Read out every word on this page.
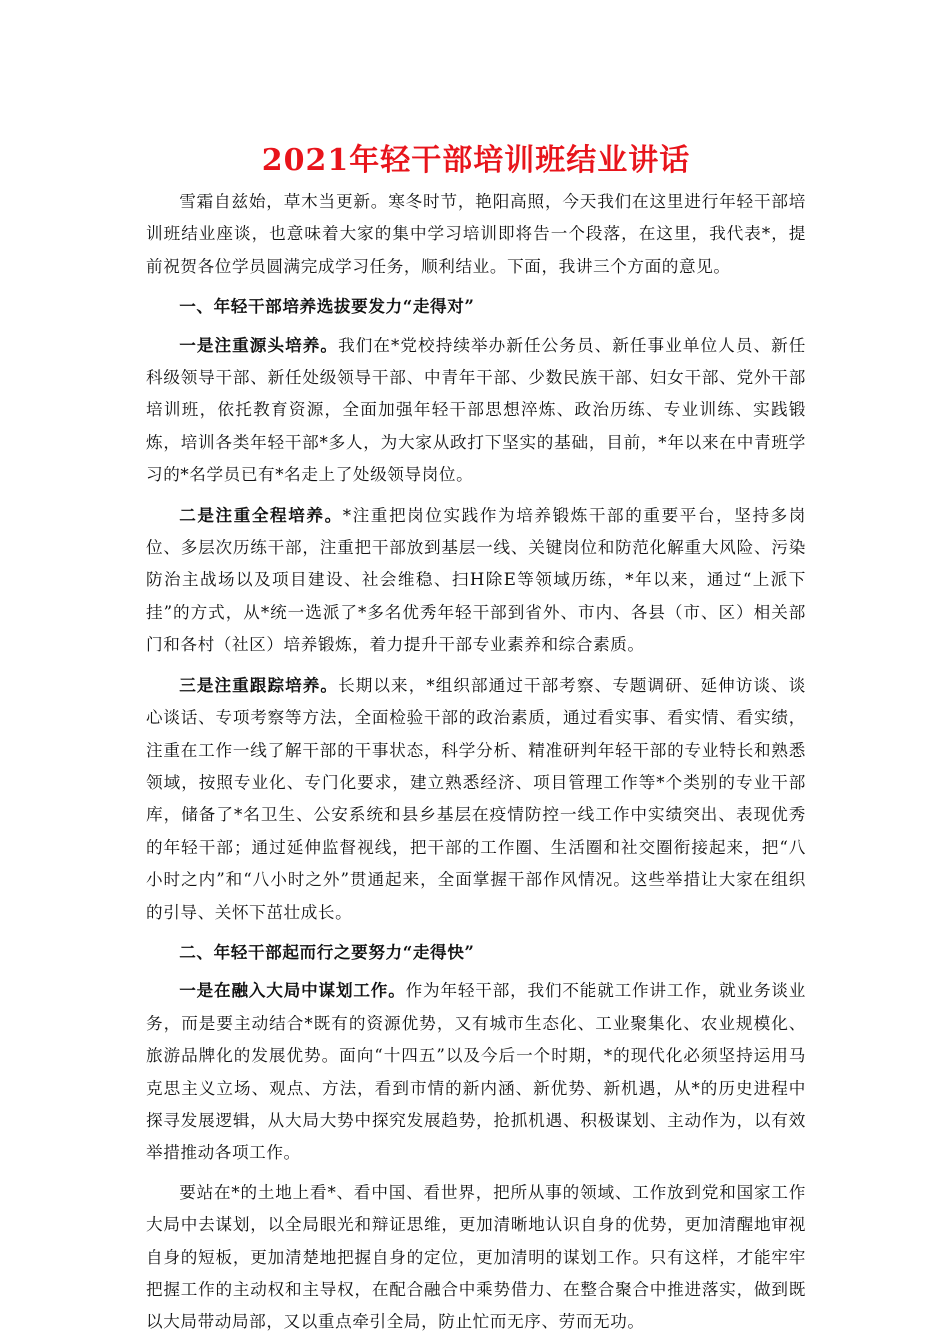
2021年轻干部培训班结业讲话

雪霜自兹始，草木当更新。寒冬时节，艳阳高照，今天我们在这里进行年轻干部培训班结业座谈，也意味着大家的集中学习培训即将告一个段落，在这里，我代表*，提前祝贺各位学员圆满完成学习任务，顺利结业。下面，我讲三个方面的意见。

一、年轻干部培养选拔要发力“走得对”

一是注重源头培养。我们在*党校持续举办新任公务员、新任事业单位人员、新任科级领导干部、新任处级领导干部、中青年干部、少数民族干部、妇女干部、党外干部培训班，依托教育资源，全面加强年轻干部思想淬炼、政治历练、专业训练、实践锻炼，培训各类年轻干部*多人，为大家从政打下坚实的基础，目前，*年以来在中青班学习的*名学员已有*名走上了处级领导岗位。

二是注重全程培养。*注重把岗位实践作为培养锻炼干部的重要平台，坚持多岗位、多层次历练干部，注重把干部放到基层一线、关键岗位和防范化解重大风险、污染防治主战场以及项目建设、社会维稳、扫H除E等领域历练，*年以来，通过“上派下挂”的方式，从*统一选派了*多名优秀年轻干部到省外、市内、各县（市、区）相关部门和各村（社区）培养锻炼，着力提升干部专业素养和综合素质。

三是注重跟踪培养。长期以来，*组织部通过干部考察、专题调研、延伸访谈、谈心谈话、专项考察等方法，全面检验干部的政治素质，通过看实事、看实情、看实绩，注重在工作一线了解干部的干事状态，科学分析、精准研判年轻干部的专业特长和熟悉领域，按照专业化、专门化要求，建立熟悉经济、项目管理工作等*个类别的专业干部库，储备了*名卫生、公安系统和县乡基层在疫情防控一线工作中实绩突出、表现优秀的年轻干部；通过延伸监督视线，把干部的工作圈、生活圈和社交圈衔接起来，把“八小时之内”和“八小时之外”贯通起来，全面掌握干部作风情况。这些举措让大家在组织的引导、关怀下茁壮成长。

二、年轻干部起而行之要努力“走得快”

一是在融入大局中谋划工作。作为年轻干部，我们不能就工作讲工作，就业务谈业务，而是要主动结合*既有的资源优势，又有城市生态化、工业聚集化、农业规模化、旅游品牌化的发展优势。面向“十四五”以及今后一个时期，*的现代化必须坚持运用马克思主义立场、观点、方法，看到市情的新内涵、新优势、新机遇，从*的历史进程中探寻发展逻辑，从大局大势中探究发展趋势，抢抓机遇、积极谋划、主动作为，以有效举措推动各项工作。

要站在*的土地上看*、看中国、看世界，把所从事的领域、工作放到党和国家工作大局中去谋划，以全局眼光和辩证思维，更加清晰地认识自身的优势，更加清醒地审视自身的短板，更加清楚地把握自身的定位，更加清明的谋划工作。只有这样，才能牢牢把握工作的主动权和主导权，在配合融合中乘势借力、在整合聚合中推进落实，做到既以大局带动局部，又以重点牵引全局，防止忙而无序、劳而无功。
